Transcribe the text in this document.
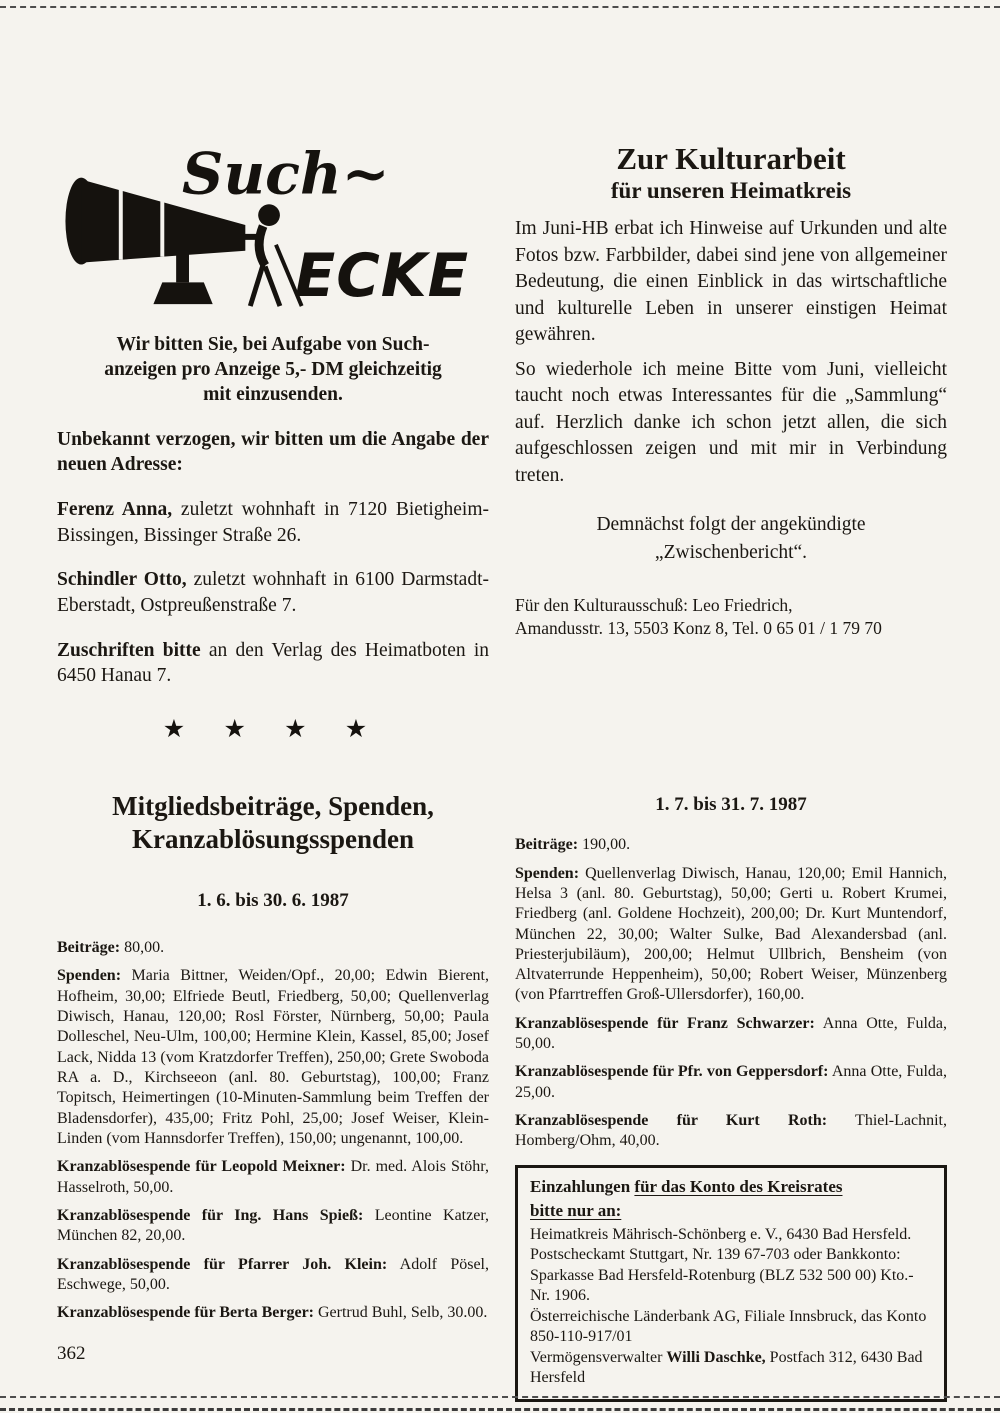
Such~
ECKE

Wir bitten Sie, bei Aufgabe von Such-
anzeigen pro Anzeige 5,- DM gleichzeitig
mit einzusenden.

Unbekannt verzogen, wir bitten um die Angabe der neuen Adresse:

Ferenz Anna, zuletzt wohnhaft in 7120 Bietigheim-Bissingen, Bissinger Straße 26.

Schindler Otto, zuletzt wohnhaft in 6100 Darmstadt-Eberstadt, Ostpreußenstraße 7.

Zuschriften bitte an den Verlag des Heimatboten in 6450 Hanau 7.

★ ★ ★ ★
Zur Kulturarbeit
für unseren Heimatkreis

Im Juni-HB erbat ich Hinweise auf Urkunden und alte Fotos bzw. Farbbilder, dabei sind jene von allgemeiner Bedeutung, die einen Einblick in das wirtschaftliche und kulturelle Leben in unserer einstigen Heimat gewähren.

So wiederhole ich meine Bitte vom Juni, vielleicht taucht noch etwas Interessantes für die „Sammlung“ auf. Herzlich danke ich schon jetzt allen, die sich aufgeschlossen zeigen und mit mir in Verbindung treten.

Demnächst folgt der angekündigte
„Zwischenbericht“.

Für den Kulturausschuß: Leo Friedrich,
Amandusstr. 13, 5503 Konz 8, Tel. 0 65 01 / 1 79 70

Mitgliedsbeiträge, Spenden,
Kranzablösungsspenden

1. 6. bis 30. 6. 1987

Beiträge: 80,00.

Spenden: Maria Bittner, Weiden/Opf., 20,00; Edwin Bierent, Hofheim, 30,00; Elfriede Beutl, Friedberg, 50,00; Quellenverlag Diwisch, Hanau, 120,00; Rosl Förster, Nürnberg, 50,00; Paula Dolleschel, Neu-Ulm, 100,00; Hermine Klein, Kassel, 85,00; Josef Lack, Nidda 13 (vom Kratzdorfer Treffen), 250,00; Grete Swoboda RA a. D., Kirchseeon (anl. 80. Geburtstag), 100,00; Franz Topitsch, Heimertingen (10-Minuten-Sammlung beim Treffen der Bladensdorfer), 435,00; Fritz Pohl, 25,00; Josef Weiser, Klein-Linden (vom Hannsdorfer Treffen), 150,00; ungenannt, 100,00.

Kranzablösespende für Leopold Meixner: Dr. med. Alois Stöhr, Hasselroth, 50,00.

Kranzablösespende für Ing. Hans Spieß: Leontine Katzer, München 82, 20,00.

Kranzablösespende für Pfarrer Joh. Klein: Adolf Pösel, Eschwege, 50,00.

Kranzablösespende für Berta Berger: Gertrud Buhl, Selb, 30.00.

1. 7. bis 31. 7. 1987

Beiträge: 190,00.

Spenden: Quellenverlag Diwisch, Hanau, 120,00; Emil Hannich, Helsa 3 (anl. 80. Geburtstag), 50,00; Gerti u. Robert Krumei, Friedberg (anl. Goldene Hochzeit), 200,00; Dr. Kurt Muntendorf, München 22, 30,00; Walter Sulke, Bad Alexandersbad (anl. Priesterjubiläum), 200,00; Helmut Ullbrich, Bensheim (von Altvaterrunde Heppenheim), 50,00; Robert Weiser, Münzenberg (von Pfarrtreffen Groß-Ullersdorfer), 160,00.

Kranzablösespende für Franz Schwarzer: Anna Otte, Fulda, 50,00.

Kranzablösespende für Pfr. von Geppersdorf: Anna Otte, Fulda, 25,00.

Kranzablösespende für Kurt Roth: Thiel-Lachnit, Homberg/Ohm, 40,00.

Einzahlungen für das Konto des Kreisrates
bitte nur an:

Heimatkreis Mährisch-Schönberg e. V., 6430 Bad Hersfeld.

Postscheckamt Stuttgart, Nr. 139 67-703 oder Bankkonto: Sparkasse Bad Hersfeld-Rotenburg (BLZ 532 500 00) Kto.-Nr. 1906.

Österreichische Länderbank AG, Filiale Innsbruck, das Konto 850-110-917/01

Vermögensverwalter Willi Daschke, Postfach 312, 6430 Bad Hersfeld

362
